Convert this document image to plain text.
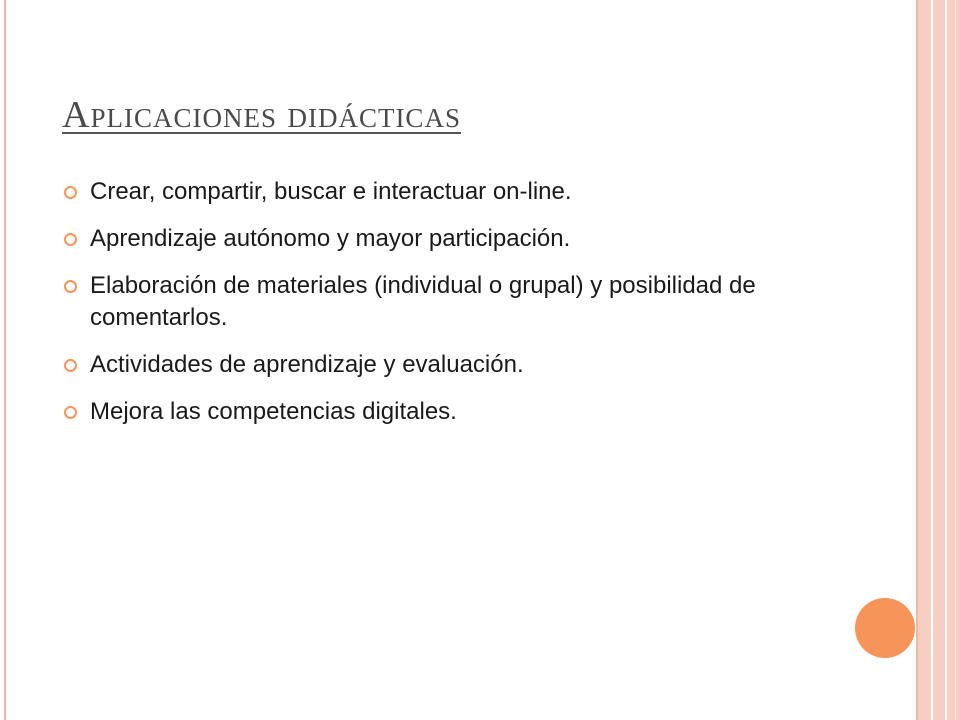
Aplicaciones didácticas
Crear, compartir, buscar e interactuar on-line.
Aprendizaje autónomo y mayor participación.
Elaboración de materiales (individual o grupal) y posibilidad de comentarlos.
Actividades de aprendizaje y evaluación.
Mejora las competencias digitales.
